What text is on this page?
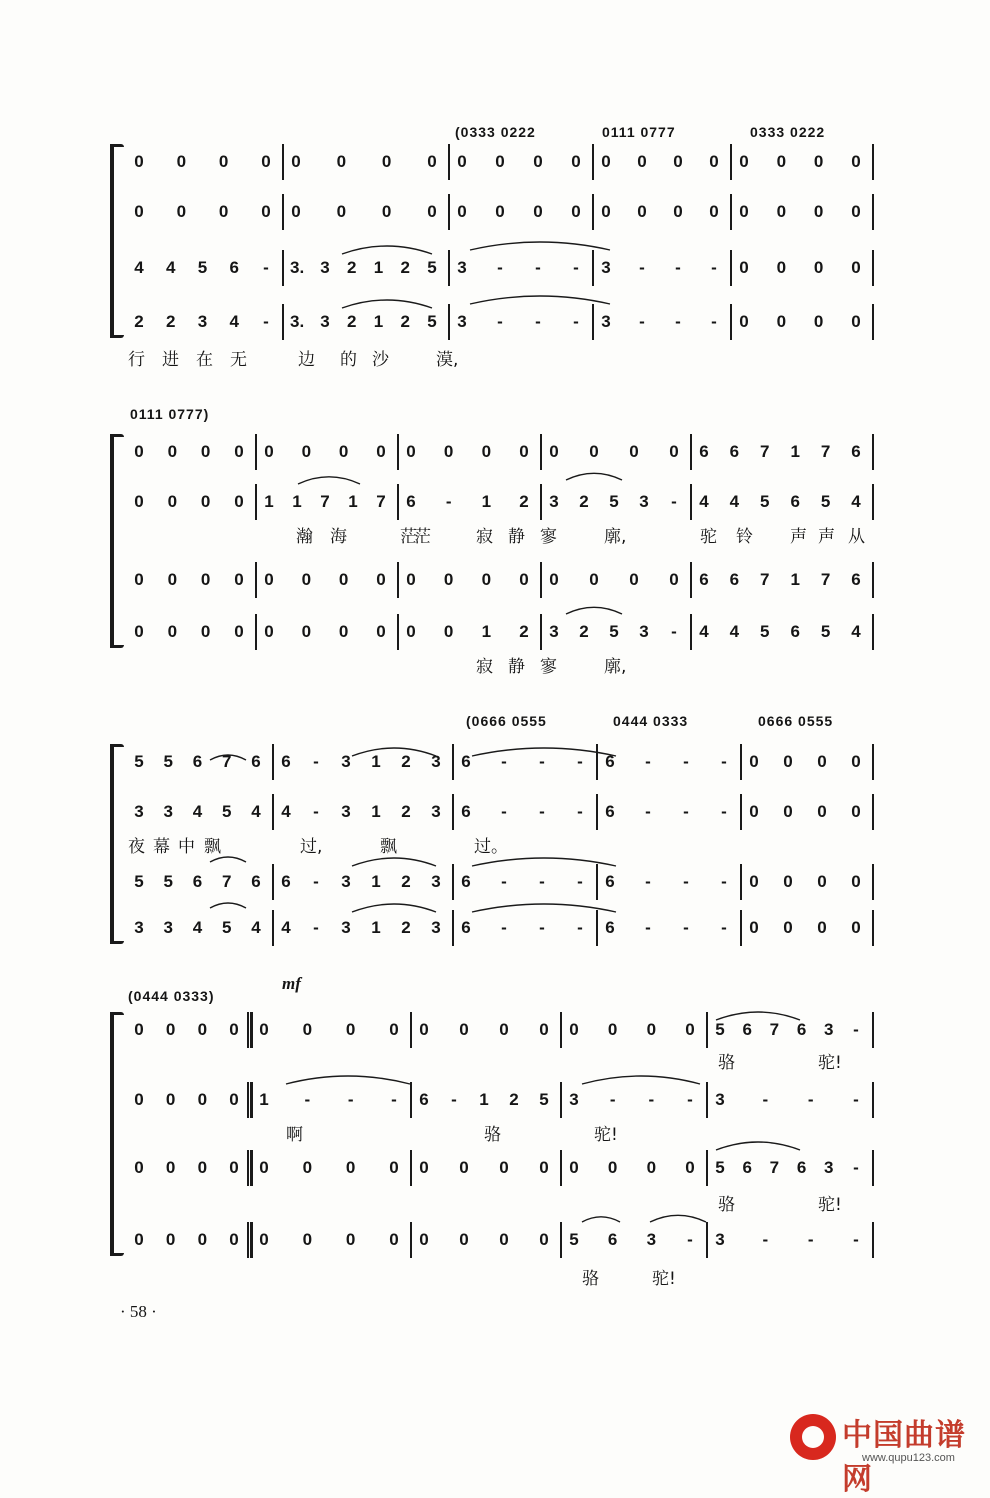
(0333 0222	0111 0777	0333 0222
0 0 0 0 0 0 0 0 0 0 0 0 0 0 0 0 0 0 0 0
0 0 0 0 0 0 0 0 0 0 0 0 0 0 0 0 0 0 0 0
4 4 5 6 - 3. 3 2 1 2 5 3 - - - 3 - - - 0 0 0 0
2 2 3 4 - 3. 3 2 1 2 5 3 - - - 3 - - - 0 0 0 0
行 进 在 无	边 的 沙	漠,
0111 0777)
0 0 0 0 0 0 0 0 0 0 0 0 0 0 0 0 6 6 7 1 7 6
0 0 0 0 1 1 7 1 7 6 - 1 2 3 2 5 3 - 4 4 5 6 5 4
0 0 0 0 0 0 0 0 0 0 0 0 0 0 0 0 6 6 7 1 7 6
0 0 0 0 0 0 0 0 0 0 1 2 3 2 5 3 - 4 4 5 6 5 4
瀚 海	茫
茫	寂 静 寥	廓,	驼 铃 声 声 从
寂 静 寥	廓,
(0666 0555	0444 0333	0666 0555
5 5 6 7 6 6 - 3 1 2 3 6 - - - 6 - - - 0 0 0 0
3 3 4 5 4 4 - 3 1 2 3 6 - - - 6 - - - 0 0 0 0
5 5 6 7 6 6 - 3 1 2 3 6 - - - 6 - - - 0 0 0 0
3 3 4 5 4 4 - 3 1 2 3 6 - - - 6 - - - 0 0 0 0
夜 幕 中 飘	过,	飘	过。
(0444 0333)
0 0 0 0 0 0 0 0 0 0 0 0 0 0 0 0 5 6 7 6 3 -
0 0 0 0 1 - - - 6 - 1 2 5 3 - - - 3 - - -
0 0 0 0 0 0 0 0 0 0 0 0 0 0 0 0 5 6 7 6 3 -
0 0 0 0 0 0 0 0 0 0 0 0 5 6 3 - 3 - - -
骆	驼!
啊	骆	驼!
骆	驼!
骆	驼!
mf
· 58 ·
中国曲谱网
www.qupu123.com
